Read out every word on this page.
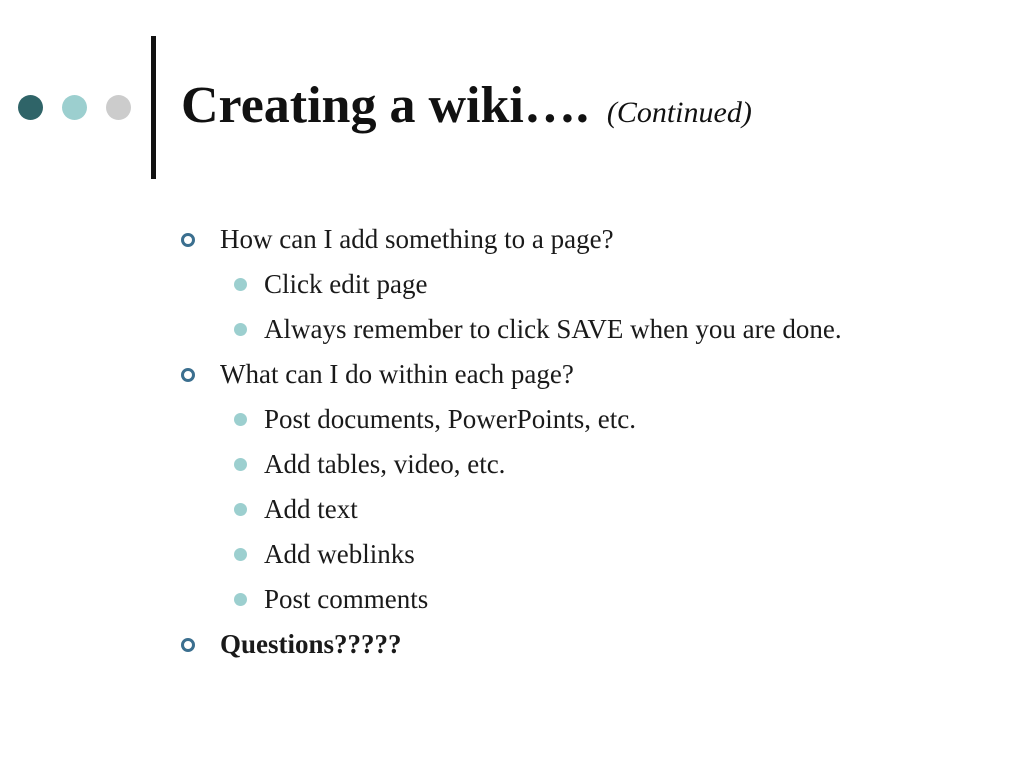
Creating a wiki…. (Continued)
How can I add something to a page?
Click edit page
Always remember to click SAVE when you are done.
What can I do within each page?
Post documents, PowerPoints, etc.
Add tables, video, etc.
Add text
Add weblinks
Post comments
Questions?????
